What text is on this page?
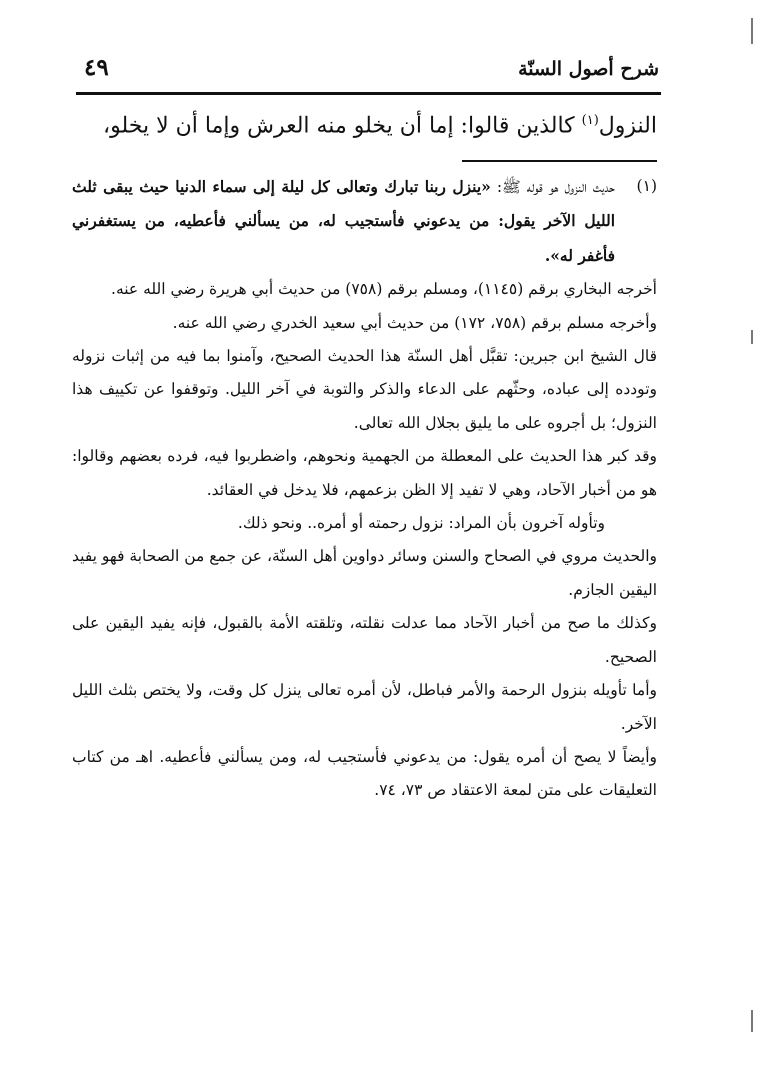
شرح أصول السنّة
٤٩
النزول$^{(١)}$ كالذين قالوا: إما أن يخلو منه العرش وإما أن لا يخلو،
(١)
حديث النزول هو قوله ﷺ: «ينزل ربنا تبارك وتعالى كل ليلة إلى سماء الدنيا حيث يبقى ثلث الليل الآخر يقول: من يدعوني فأستجيب له، من يسألني فأعطيه، من يستغفرني فأغفر له».
أخرجه البخاري برقم (١١٤٥)، ومسلم برقم (٧٥٨) من حديث أبي هريرة رضي الله عنه.
وأخرجه مسلم برقم (٧٥٨، ١٧٢) من حديث أبي سعيد الخدري رضي الله عنه.
قال الشيخ ابن جبرين: تقبَّل أهل السنّة هذا الحديث الصحيح، وآمنوا بما فيه من إثبات نزوله وتودده إلى عباده، وحثّهم على الدعاء والذكر والتوبة في آخر الليل. وتوقفوا عن تكييف هذا النزول؛ بل أجروه على ما يليق بجلال الله تعالى.
وقد كبر هذا الحديث على المعطلة من الجهمية ونحوهم، واضطربوا فيه، فرده بعضهم وقالوا: هو من أخبار الآحاد، وهي لا تفيد إلا الظن بزعمهم، فلا يدخل في العقائد.
وتأوله آخرون بأن المراد: نزول رحمته أو أمره.. ونحو ذلك.
والحديث مروي في الصحاح والسنن وسائر دواوين أهل السنّة، عن جمع من الصحابة فهو يفيد اليقين الجازم.
وكذلك ما صح من أخبار الآحاد مما عدلت نقلته، وتلقته الأمة بالقبول، فإنه يفيد اليقين على الصحيح.
وأما تأويله بنزول الرحمة والأمر فباطل، لأن أمره تعالى ينزل كل وقت، ولا يختص بثلث الليل الآخر.
وأيضاً لا يصح أن أمره يقول: من يدعوني فأستجيب له، ومن يسألني فأعطيه. اهـ من كتاب التعليقات على متن لمعة الاعتقاد ص ٧٣، ٧٤.
